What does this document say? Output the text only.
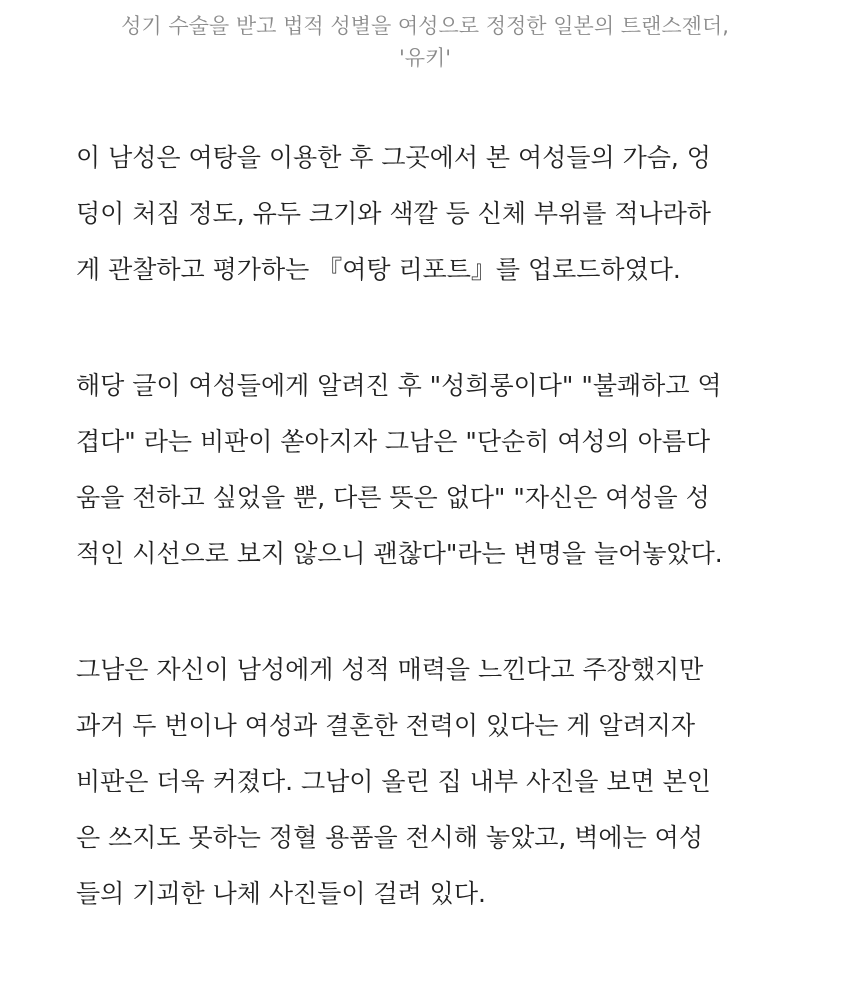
성기 수술을 받고 법적 성별을 여성으로 정정한 일본의 트랜스젠더,
'유키'

이 남성은 여탕을 이용한 후 그곳에서 본 여성들의 가슴, 엉
덩이 처짐 정도, 유두 크기와 색깔 등 신체 부위를 적나라하
게 관찰하고 평가하는 『여탕 리포트』를 업로드하였다.

해당 글이 여성들에게 알려진 후 "성희롱이다" "불쾌하고 역
겹다" 라는 비판이 쏟아지자 그남은 "단순히 여성의 아름다
움을 전하고 싶었을 뿐, 다른 뜻은 없다" "자신은 여성을 성
적인 시선으로 보지 않으니 괜찮다"라는 변명을 늘어놓았다.

그남은 자신이 남성에게 성적 매력을 느낀다고 주장했지만
과거 두 번이나 여성과 결혼한 전력이 있다는 게 알려지자
비판은 더욱 커졌다. 그남이 올린 집 내부 사진을 보면 본인
은 쓰지도 못하는 정혈 용품을 전시해 놓았고, 벽에는 여성
들의 기괴한 나체 사진들이 걸려 있다.
